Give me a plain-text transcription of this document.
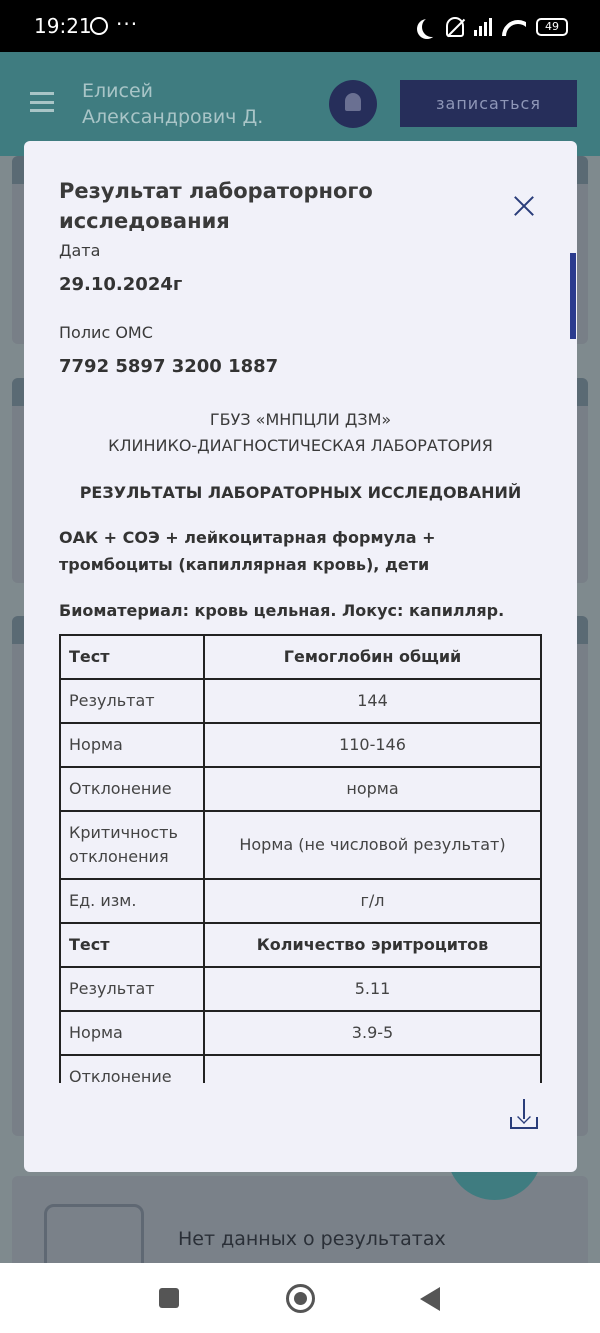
19:21 ···	49
Елисей
Александрович Д.
записаться
Нет данных о результатах
Результат лабораторного исследования
Дата
29.10.2024г
Полис ОМС
7792 5897 3200 1887
ГБУЗ «МНПЦЛИ ДЗМ»
КЛИНИКО-ДИАГНОСТИЧЕСКАЯ ЛАБОРАТОРИЯ
РЕЗУЛЬТАТЫ ЛАБОРАТОРНЫХ ИССЛЕДОВАНИЙ
ОАК + СОЭ + лейкоцитарная формула + тромбоциты (капиллярная кровь), дети
Биоматериал: кровь цельная. Локус: капилляр.
Тест	Гемоглобин общий
Результат	144
Норма	110-146
Отклонение	норма
Критичность отклонения	Норма (не числовой результат)
Ед. изм.	г/л
Тест	Количество эритроцитов
Результат	5.11
Норма	3.9-5
Отклонение	
